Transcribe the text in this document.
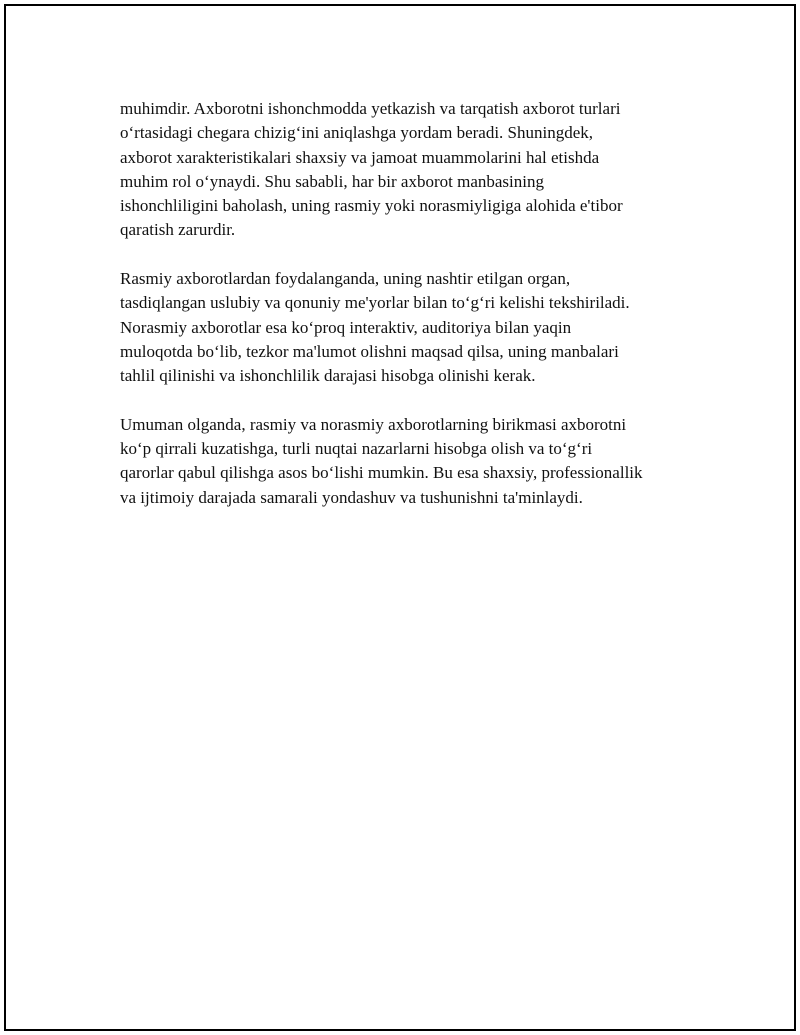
muhimdir. Axborotni ishonchmodda yetkazish va tarqatish axborot turlari
o‘rtasidagi chegara chizig‘ini aniqlashga yordam beradi. Shuningdek,
axborot xarakteristikalari shaxsiy va jamoat muammolarini hal etishda
muhim rol o‘ynaydi. Shu sababli, har bir axborot manbasining
ishonchliligini baholash, uning rasmiy yoki norasmiyligiga alohida e'tibor
qaratish zarurdir.

Rasmiy axborotlardan foydalanganda, uning nashtir etilgan organ,
tasdiqlangan uslubiy va qonuniy me'yorlar bilan to‘g‘ri kelishi tekshiriladi.
Norasmiy axborotlar esa ko‘proq interaktiv, auditoriya bilan yaqin
muloqotda bo‘lib, tezkor ma'lumot olishni maqsad qilsa, uning manbalari
tahlil qilinishi va ishonchlilik darajasi hisobga olinishi kerak.

Umuman olganda, rasmiy va norasmiy axborotlarning birikmasi axborotni
ko‘p qirrali kuzatishga, turli nuqtai nazarlarni hisobga olish va to‘g‘ri
qarorlar qabul qilishga asos bo‘lishi mumkin. Bu esa shaxsiy, professionallik
va ijtimoiy darajada samarali yondashuv va tushunishni ta'minlaydi.
